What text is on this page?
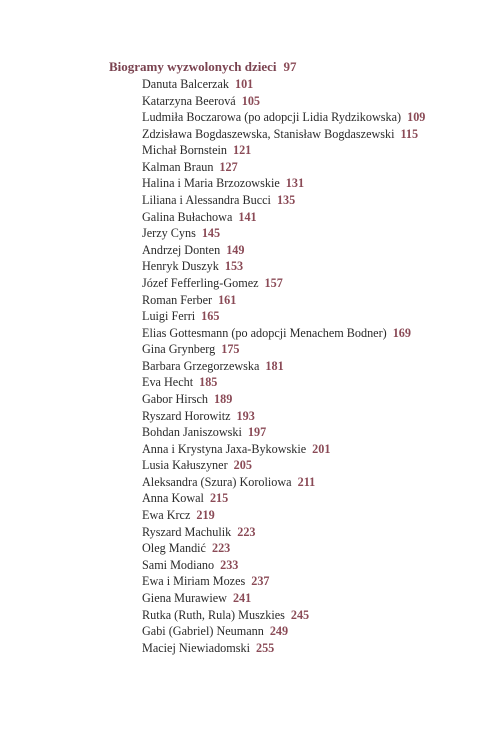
Biogramy wyzwolonych dzieci 97
Danuta Balcerzak 101
Katarzyna Beerová 105
Ludmiła Boczarowa (po adopcji Lidia Rydzikowska) 109
Zdzisława Bogdaszewska, Stanisław Bogdaszewski 115
Michał Bornstein 121
Kalman Braun 127
Halina i Maria Brzozowskie 131
Liliana i Alessandra Bucci 135
Galina Bułachowa 141
Jerzy Cyns 145
Andrzej Donten 149
Henryk Duszyk 153
Józef Fefferling-Gomez 157
Roman Ferber 161
Luigi Ferri 165
Elias Gottesmann (po adopcji Menachem Bodner) 169
Gina Grynberg 175
Barbara Grzegorzewska 181
Eva Hecht 185
Gabor Hirsch 189
Ryszard Horowitz 193
Bohdan Janiszowski 197
Anna i Krystyna Jaxa-Bykowskie 201
Lusia Kałuszyner 205
Aleksandra (Szura) Koroliowa 211
Anna Kowal 215
Ewa Krcz 219
Ryszard Machulik 223
Oleg Mandić 223
Sami Modiano 233
Ewa i Miriam Mozes 237
Giena Murawiew 241
Rutka (Ruth, Rula) Muszkies 245
Gabi (Gabriel) Neumann 249
Maciej Niewiadomski 255
